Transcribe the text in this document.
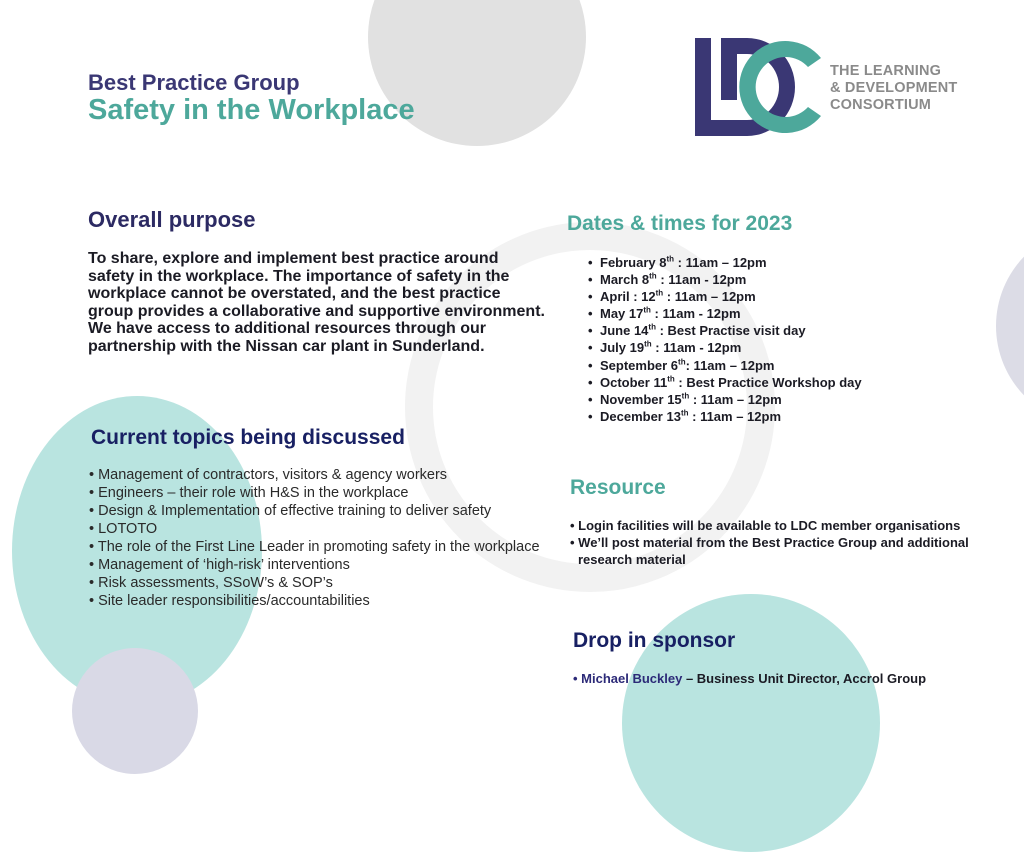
Best Practice Group
Safety in the Workplace
THE LEARNING
& DEVELOPMENT
CONSORTIUM
Overall purpose

To share, explore and implement best practice around safety in the workplace. The importance of safety in the workplace cannot be overstated, and the best practice group provides a collaborative and supportive environment. We have access to additional resources through our partnership with the Nissan car plant in Sunderland.

Current topics being discussed
• Management of contractors, visitors & agency workers
• Engineers – their role with H&S in the workplace
• Design & Implementation of effective training to deliver safety
• LOTOTO
• The role of the First Line Leader in promoting safety in the workplace
• Management of ‘high-risk’ interventions
• Risk assessments, SSoW’s & SOP’s
• Site leader responsibilities/accountabilities
Dates & times for 2023
• February 8th : 11am – 12pm
• March 8th : 11am - 12pm
• April : 12th : 11am – 12pm
• May 17th : 11am - 12pm
• June 14th : Best Practise visit day
• July 19th : 11am - 12pm
• September 6th: 11am – 12pm
• October 11th : Best Practice Workshop day
• November 15th : 11am – 12pm
• December 13th : 11am – 12pm
Resource
• Login facilities will be available to LDC member organisations
• We’ll post material from the Best Practice Group and additional research material
Drop in sponsor
• Michael Buckley – Business Unit Director, Accrol Group
